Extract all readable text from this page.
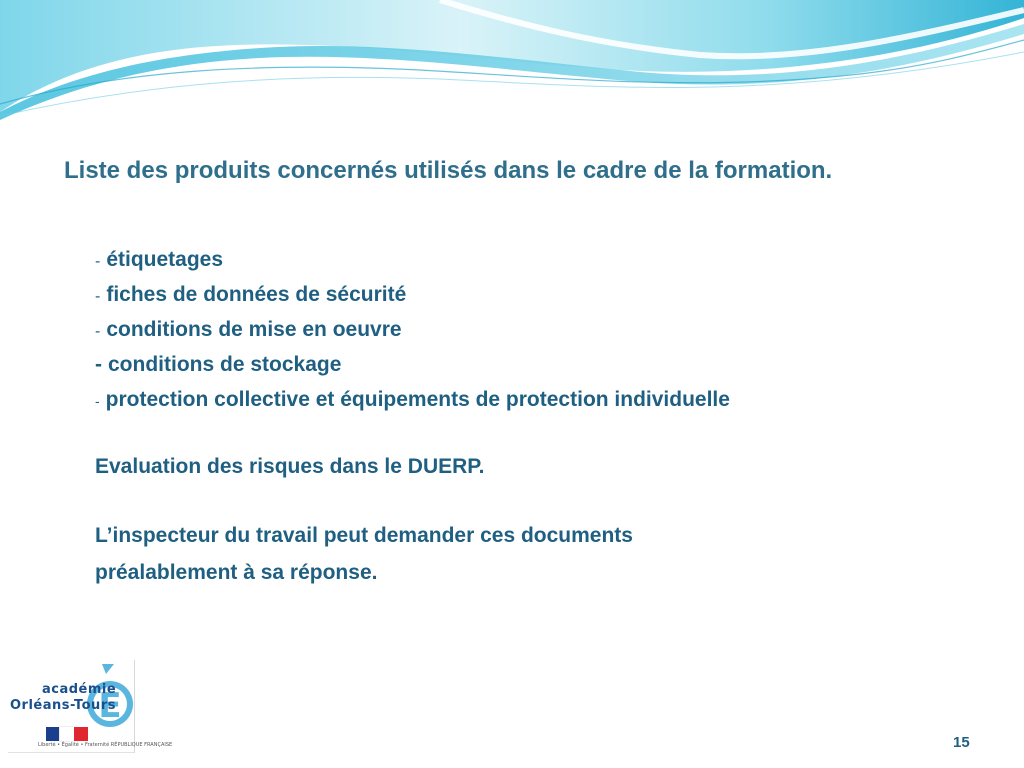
Liste des produits concernés utilisés dans le cadre de la formation.
- étiquetages
- fiches de données de sécurité
- conditions de mise en oeuvre
- conditions de stockage
- protection collective et équipements de protection individuelle

Evaluation des risques dans le DUERP.

L’inspecteur du travail peut demander ces documents

préalablement à sa réponse.

E
académie
Orléans-Tours
Liberté • Égalité • Fraternité RÉPUBLIQUE FRANÇAISE	15
